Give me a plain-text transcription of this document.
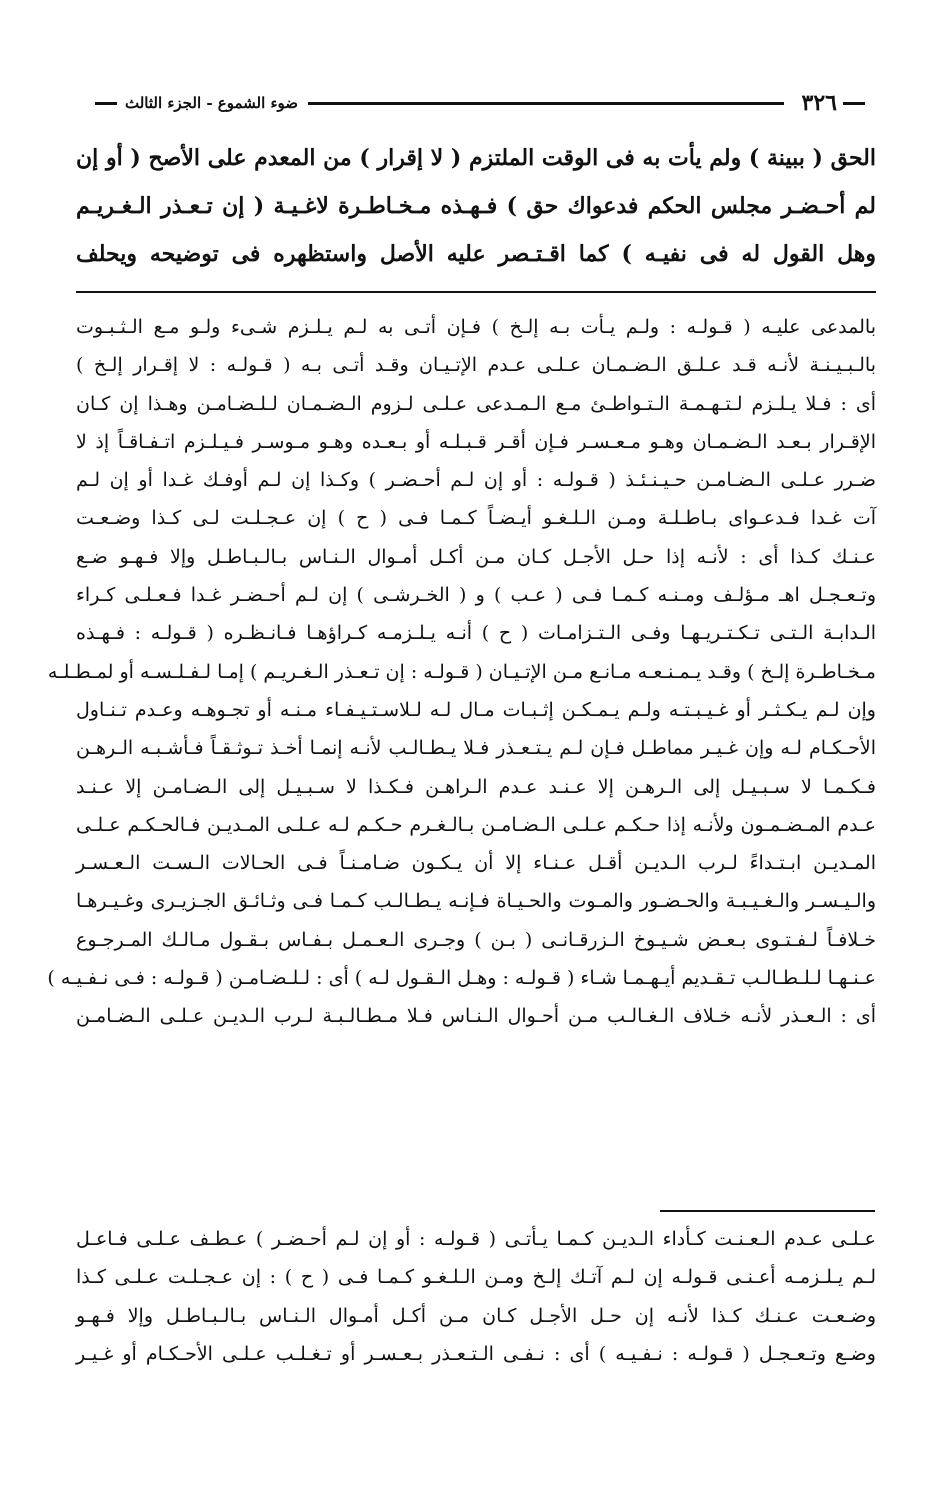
٣٢٦
ضوء الشموع - الجزء الثالث

الحق ( ببينة ) ولم يأت به فى الوقت الملتزم ( لا إقرار ) من المعدم على الأصح ( أو إن

لم أحـضـر مجلس الحكم فدعواك حق ) فـهـذه مـخـاطـرة لاغـيـة ( إن تـعـذر الـغـريـم

وهل القول له فى نفيـه ) كما اقـتـصر عليه الأصل واستظهره فى توضيحه ويحلف

بالمدعى عليـه ( قـولـه : ولـم يـأت بـه إلـخ ) فـإن أتـى به لـم يـلـزم شـىء ولـو مـع الـثـبـوت

بالـبـيـنـة لأنـه قـد عـلـق الـضـمـان عـلـى عـدم الإتـيـان وقـد أتـى بـه ( قـولـه : لا إقـرار إلـخ )

أى : فـلا يـلـزم لـتـهـمـة الـتـواطـئ مـع الـمـدعى عـلـى لـزوم الـضـمـان لـلـضـامـن وهـذا إن كـان

الإقـرار بـعـد الـضـمـان وهـو مـعـسـر فـإن أقـر قـبـلـه أو بـعـده وهـو مـوسـر فـيـلـزم اتـفـاقـاً إذ لا

ضـرر عـلـى الـضـامـن حـيـنـئـذ ( قـولـه : أو إن لـم أحـضـر ) وكـذا إن لـم أوفـك غـدا أو إن لـم

آت غـدا فـدعـواى بـاطـلـة ومـن الـلـغـو أيـضـاً كـمـا فـى ( ح ) إن عـجـلـت لـى كـذا وضـعـت

عـنـك كـذا أى : لأنـه إذا حـل الأجـل كـان مـن أكـل أمـوال الـنـاس بـالـبـاطـل وإلا فـهـو ضـع

وتـعـجـل اهـ مـؤلـف ومـنـه كـمـا فـى ( عـب ) و ( الخـرشـى ) إن لـم أحـضـر غـدا فـعـلـى كـراء

الـدابـة الـتـى تـكـتـريـهـا وفـى الـتـزامـات ( ح ) أنـه يـلـزمـه كـراؤهـا فـانـظـره ( قـولـه : فـهـذه

مـخـاطـرة إلـخ ) وقـد يـمـنـعـه مـانـع مـن الإتـيـان ( قـولـه : إن تـعـذر الـغـريـم ) إمـا لـفـلـسـه أو لمـطـلـه

وإن لـم يـكـثـر أو غـيـبـتـه ولـم يـمـكـن إثـبـات مـال لـه لـلاسـتـيـفـاء مـنـه أو تجـوهـه وعـدم تـنـاول

الأحـكـام لـه وإن غـيـر مماطـل فـإن لـم يـتـعـذر فـلا يـطـالـب لأنـه إنمـا أخـذ تـوثـقـاً فـأشـبـه الـرهـن

فـكـمـا لا سـبـيـل إلى الـرهـن إلا عـنـد عـدم الـراهـن فـكـذا لا سـبـيـل إلى الـضـامـن إلا عـنـد

عـدم المـضـمـون ولأنـه إذا حـكـم عـلـى الـضـامـن بـالـغـرم حـكـم لـه عـلـى المـديـن فـالحـكـم عـلـى

المـديـن ابـتـداءً لـرب الـديـن أقـل عـنـاء إلا أن يـكـون ضـامـنـاً فـى الحـالات الـسـت الـعـسـر

والـيـسـر والـغـيـبـة والحـضـور والمـوت والحـيـاة فـإنـه يـطـالـب كـمـا فـى وثـائـق الجـزيـرى وغـيـرهـا

خـلافـاً لـفـتـوى بـعـض شـيـوخ الـزرقـانـى ( بـن ) وجـرى الـعـمـل بـفـاس بـقـول مـالـك المـرجـوع

عـنـهـا لـلـطـالـب تـقـديم أيـهـمـا شـاء ( قـولـه : وهـل الـقـول لـه ) أى : لـلـضـامـن ( قـولـه : فـى نـفـيـه )

أى : الـعـذر لأنـه خـلاف الـغـالـب مـن أحـوال الـنـاس فـلا مـطـالـبـة لـرب الـديـن عـلـى الـضـامـن

عـلـى عـدم الـعـنـت كـأداء الـديـن كـمـا يـأتـى ( قـولـه : أو إن لـم أحـضـر ) عـطـف عـلـى فـاعـل

لـم يـلـزمـه أعـنـى قـولـه إن لـم آتـك إلـخ ومـن الـلـغـو كـمـا فـى ( ح ) : إن عـجـلـت عـلـى كـذا

وضـعـت عـنـك كـذا لأنـه إن حـل الأجـل كـان مـن أكـل أمـوال الـنـاس بـالـبـاطـل وإلا فـهـو

وضـع وتـعـجـل ( قـولـه : نـفـيـه ) أى : نـفـى الـتـعـذر بـعـسـر أو تـغـلـب عـلـى الأحـكـام أو غـيـر
